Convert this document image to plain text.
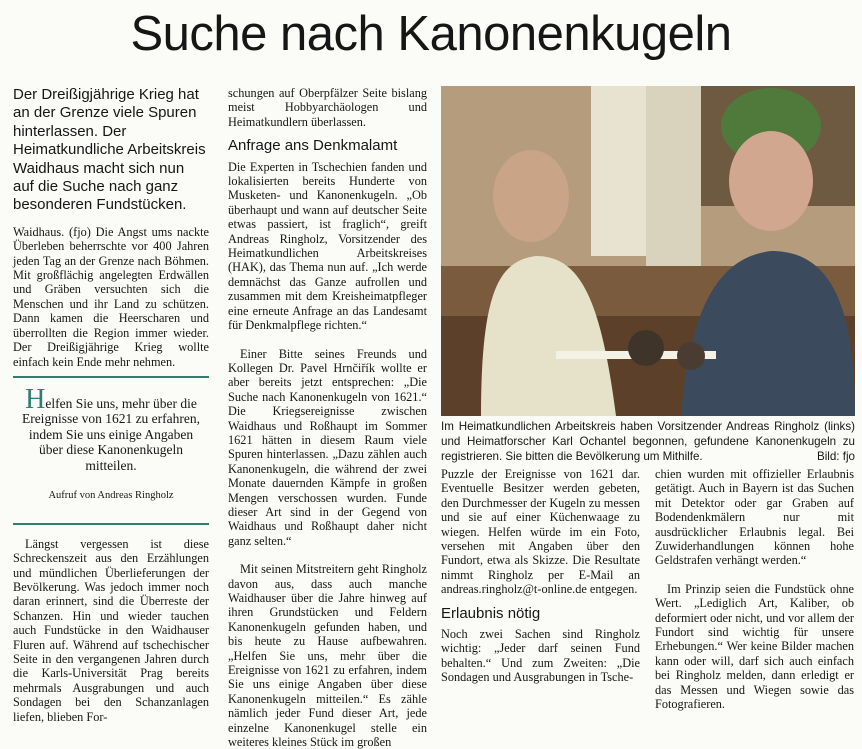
Suche nach Kanonenkugeln

Der Dreißigjährige Krieg hat an der Grenze viele Spuren hinterlassen. Der Heimatkundliche Arbeitskreis Waidhaus macht sich nun auf die Suche nach ganz besonderen Fundstücken.

Waidhaus. (fjo) Die Angst ums nackte Überleben beherrschte vor 400 Jahren jeden Tag an der Grenze nach Böhmen. Mit großflächig angelegten Erdwällen und Gräben versuchten sich die Menschen und ihr Land zu schützen. Dann kamen die Heerscharen und überrollten die Region immer wieder. Der Dreißigjährige Krieg wollte einfach kein Ende mehr nehmen.

Helfen Sie uns, mehr über die Ereignisse von 1621 zu erfahren, indem Sie uns einige Angaben über diese Kanonenkugeln mitteilen.
Aufruf von Andreas Ringholz

Längst vergessen ist diese Schreckenszeit aus den Erzählungen und mündlichen Überlieferungen der Bevölkerung. Was jedoch immer noch daran erinnert, sind die Überreste der Schanzen. Hin und wieder tauchen auch Fundstücke in den Waidhauser Fluren auf. Während auf tschechischer Seite in den vergangenen Jahren durch die Karls-Universität Prag bereits mehrmals Ausgrabungen und auch Sondagen bei den Schanzanlagen liefen, blieben For-

schungen auf Oberpfälzer Seite bislang meist Hobbyarchäologen und Heimatkundlern überlassen.

Anfrage ans Denkmalamt

Die Experten in Tschechien fanden und lokalisierten bereits Hunderte von Musketen- und Kanonenkugeln. „Ob überhaupt und wann auf deutscher Seite etwas passiert, ist fraglich“, greift Andreas Ringholz, Vorsitzender des Heimatkundlichen Arbeitskreises (HAK), das Thema nun auf. „Ich werde demnächst das Ganze aufrollen und zusammen mit dem Kreisheimatpfleger eine erneute Anfrage an das Landesamt für Denkmalpflege richten.“

Einer Bitte seines Freunds und Kollegen Dr. Pavel Hrnčiřík wollte er aber bereits jetzt entsprechen: „Die Suche nach Kanonenkugeln von 1621.“ Die Kriegsereignisse zwischen Waidhaus und Roßhaupt im Sommer 1621 hätten in diesem Raum viele Spuren hinterlassen. „Dazu zählen auch Kanonenkugeln, die während der zwei Monate dauernden Kämpfe in großen Mengen verschossen wurden. Funde dieser Art sind in der Gegend von Waidhaus und Roßhaupt daher nicht ganz selten.“

Mit seinen Mitstreitern geht Ringholz davon aus, dass auch manche Waidhauser über die Jahre hinweg auf ihren Grundstücken und Feldern Kanonenkugeln gefunden haben, und bis heute zu Hause aufbewahren. „Helfen Sie uns, mehr über die Ereignisse von 1621 zu erfahren, indem Sie uns einige Angaben über diese Kanonenkugeln mitteilen.“ Es zähle nämlich jeder Fund dieser Art, jede einzelne Kanonenkugel stelle ein weiteres kleines Stück im großen

Im Heimatkundlichen Arbeitskreis haben Vorsitzender Andreas Ringholz (links) und Heimatforscher Karl Ochantel begonnen, gefundene Kanonenkugeln zu registrieren. Sie bitten die Bevölkerung um Mithilfe.	Bild: fjo

Puzzle der Ereignisse von 1621 dar. Eventuelle Besitzer werden gebeten, den Durchmesser der Kugeln zu messen und sie auf einer Küchenwaage zu wiegen. Helfen würde im ein Foto, versehen mit Angaben über den Fundort, etwa als Skizze. Die Resultate nimmt Ringholz per E-Mail an andreas.ringholz@t-online.de entgegen.

Erlaubnis nötig

Noch zwei Sachen sind Ringholz wichtig: „Jeder darf seinen Fund behalten.“ Und zum Zweiten: „Die Sondagen und Ausgrabungen in Tsche-

chien wurden mit offizieller Erlaubnis getätigt. Auch in Bayern ist das Suchen mit Detektor oder gar Graben auf Bodendenkmälern nur mit ausdrücklicher Erlaubnis legal. Bei Zuwiderhandlungen können hohe Geldstrafen verhängt werden.“

Im Prinzip seien die Fundstück ohne Wert. „Lediglich Art, Kaliber, ob deformiert oder nicht, und vor allem der Fundort sind wichtig für unsere Erhebungen.“ Wer keine Bilder machen kann oder will, darf sich auch einfach bei Ringholz melden, dann erledigt er das Messen und Wiegen sowie das Fotografieren.
